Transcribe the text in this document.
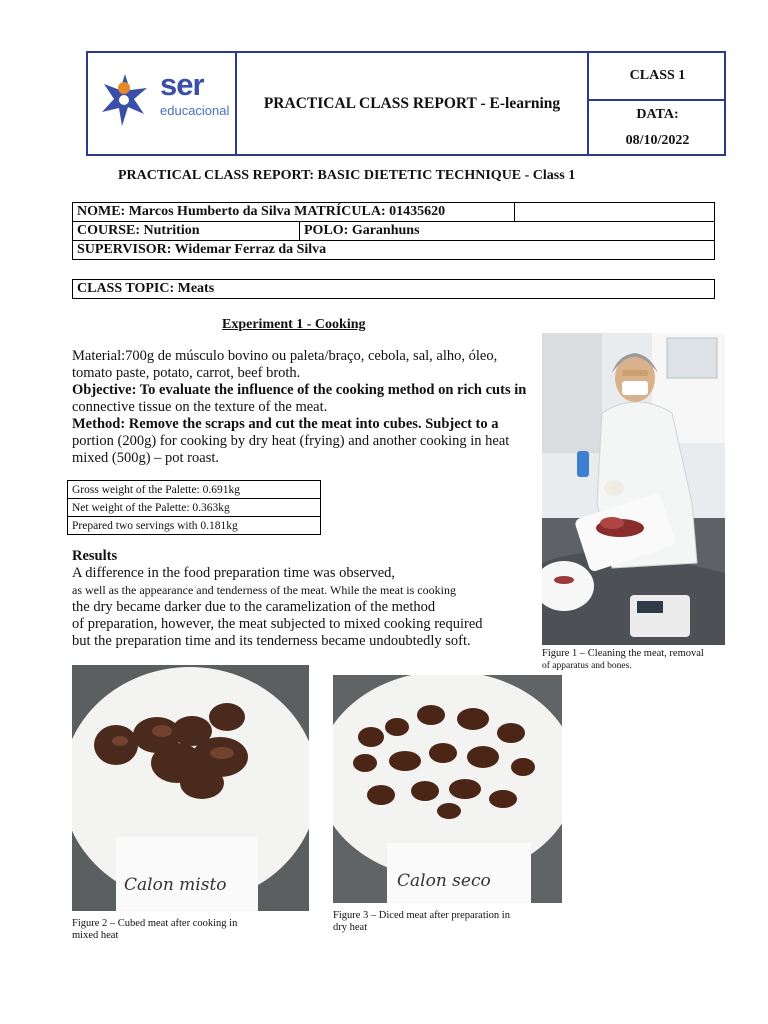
ser
educacional	PRACTICAL CLASS REPORT - E-learning
CLASS 1
DATA:
08/10/2022
PRACTICAL CLASS REPORT: BASIC DIETETIC TECHNIQUE - Class 1
NOME: Marcos Humberto da Silva MATRÍCULA: 01435620		
COURSE: Nutrition	POLO: Garanhuns	
SUPERVISOR: Widemar Ferraz da Silva		
CLASS TOPIC: Meats
Experiment 1 - Cooking

Material:700g de músculo bovino ou paleta/braço, cebola, sal, alho, óleo,

tomato paste, potato, carrot, beef broth.

Objective: To evaluate the influence of the cooking method on rich cuts in

connective tissue on the texture of the meat.

Method: Remove the scraps and cut the meat into cubes. Subject to a

portion (200g) for cooking by dry heat (frying) and another cooking in heat

mixed (500g) – pot roast.

Gross weight of the Palette: 0.691kg
Net weight of the Palette: 0.363kg
Prepared two servings with 0.181kg

Results

A difference in the food preparation time was observed,

as well as the appearance and tenderness of the meat. While the meat is cooking

the dry became darker due to the caramelization of the method

of preparation, however, the meat subjected to mixed cooking required

but the preparation time and its tenderness became undoubtedly soft.

Figure 1 – Cleaning the meat, removal
of apparatus and bones.
Calon misto
Figure 2 – Cubed meat after cooking in
mixed heat
Calon seco
Figure 3 – Diced meat after preparation in
dry heat
